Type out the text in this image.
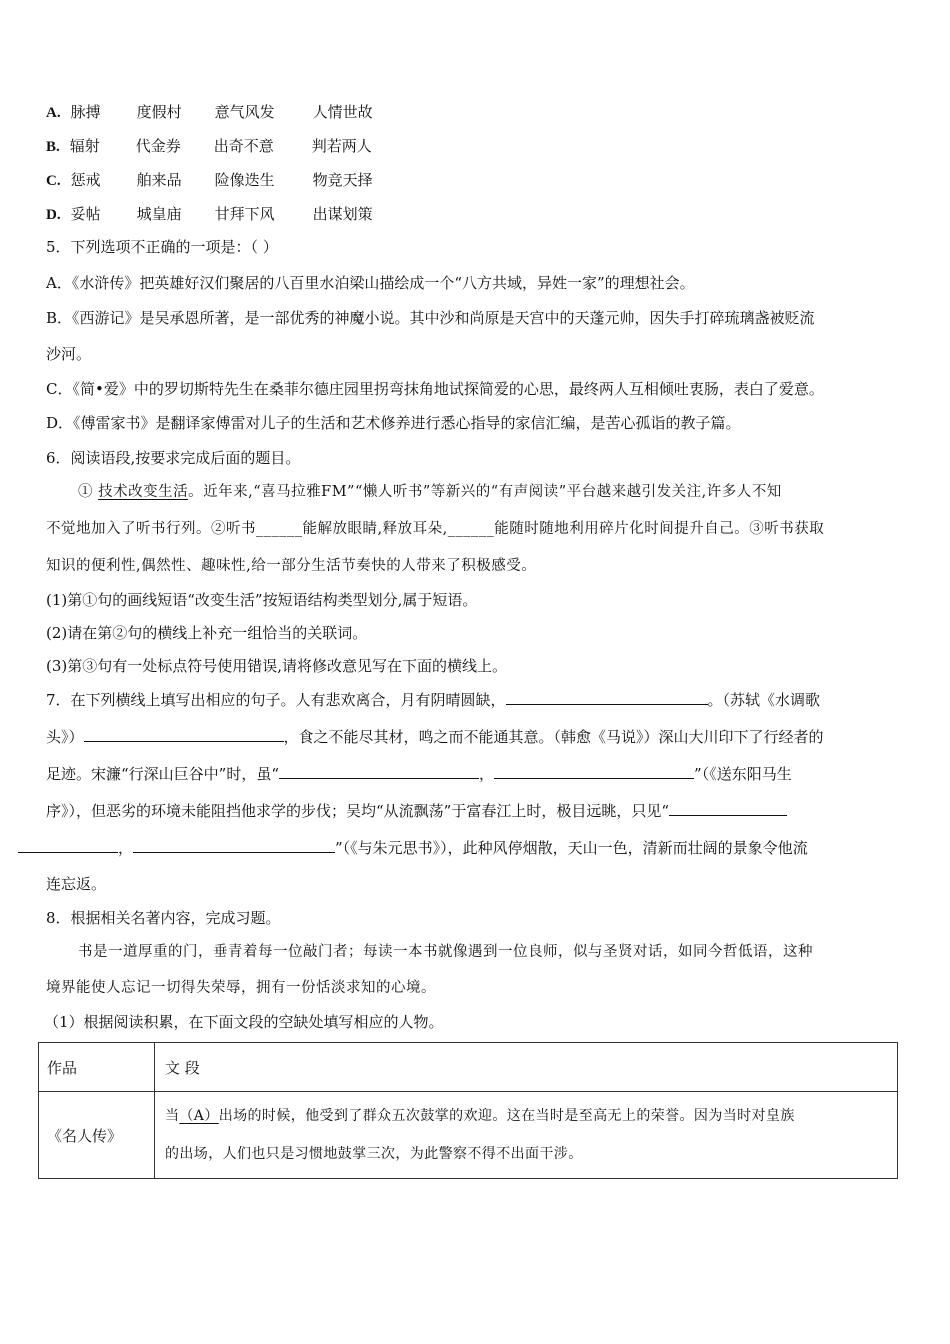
A. 脉搏 度假村 意气风发	人情世故
B. 辐射 代金券 出奇不意	判若两人
C. 惩戒 舶来品 险像迭生	物竞天择
D. 妥帖 城皇庙 甘拜下风	出谋划策
5．下列选项不正确的一项是：（ ）
A．《水浒传》把英雄好汉们聚居的八百里水泊梁山描绘成一个“八方共域，异姓一家”的理想社会。
B．《西游记》是吴承恩所著，是一部优秀的神魔小说。其中沙和尚原是天宫中的天蓬元帅，因失手打碎琉璃盏被贬流
沙河。
C．《简•爱》中的罗切斯特先生在桑菲尔德庄园里拐弯抹角地试探简爱的心思，最终两人互相倾吐衷肠，表白了爱意。
D．《傅雷家书》是翻译家傅雷对儿子的生活和艺术修养进行悉心指导的家信汇编，是苦心孤诣的教子篇。
6．阅读语段,按要求完成后面的题目。
① 技术改变生活。近年来,“喜马拉雅FM”“懒人听书”等新兴的“有声阅读”平台越来越引发关注,许多人不知
不觉地加入了听书行列。②听书______能解放眼睛,释放耳朵,______能随时随地利用碎片化时间提升自己。③听书获取
知识的便利性,偶然性、趣味性,给一部分生活节奏快的人带来了积极感受。
(1)第①句的画线短语“改变生活”按短语结构类型划分,属于短语。
(2)请在第②句的横线上补充一组恰当的关联词。
(3)第③句有一处标点符号使用错误,请将修改意见写在下面的横线上。
7．在下列横线上填写出相应的句子。人有悲欢离合，月有阴晴圆缺，	。（苏轼《水调歌
头》）	，食之不能尽其材，鸣之而不能通其意。（韩愈《马说》）深山大川印下了行经者的
足迹。宋濂“行深山巨谷中”时，虽“	，	”（《送东阳马生
序》），但恶劣的环境未能阻挡他求学的步伐；吴均“从流飘荡”于富春江上时，极目远眺，只见“
，	”（《与朱元思书》），此种风停烟散，天山一色，清新而壮阔的景象令他流
连忘返。
8．根据相关名著内容，完成习题。
书是一道厚重的门，垂青着每一位敲门者；每读一本书就像遇到一位良师，似与圣贤对话，如同今哲低语，这种
境界能使人忘记一切得失荣辱，拥有一份恬淡求知的心境。
（1）根据阅读积累，在下面文段的空缺处填写相应的人物。
作品	文 段
《名人传》	当（A）出场的时候，他受到了群众五次鼓掌的欢迎。这在当时是至高无上的荣誉。因为当时对皇族
的出场，人们也只是习惯地鼓掌三次，为此警察不得不出面干涉。
